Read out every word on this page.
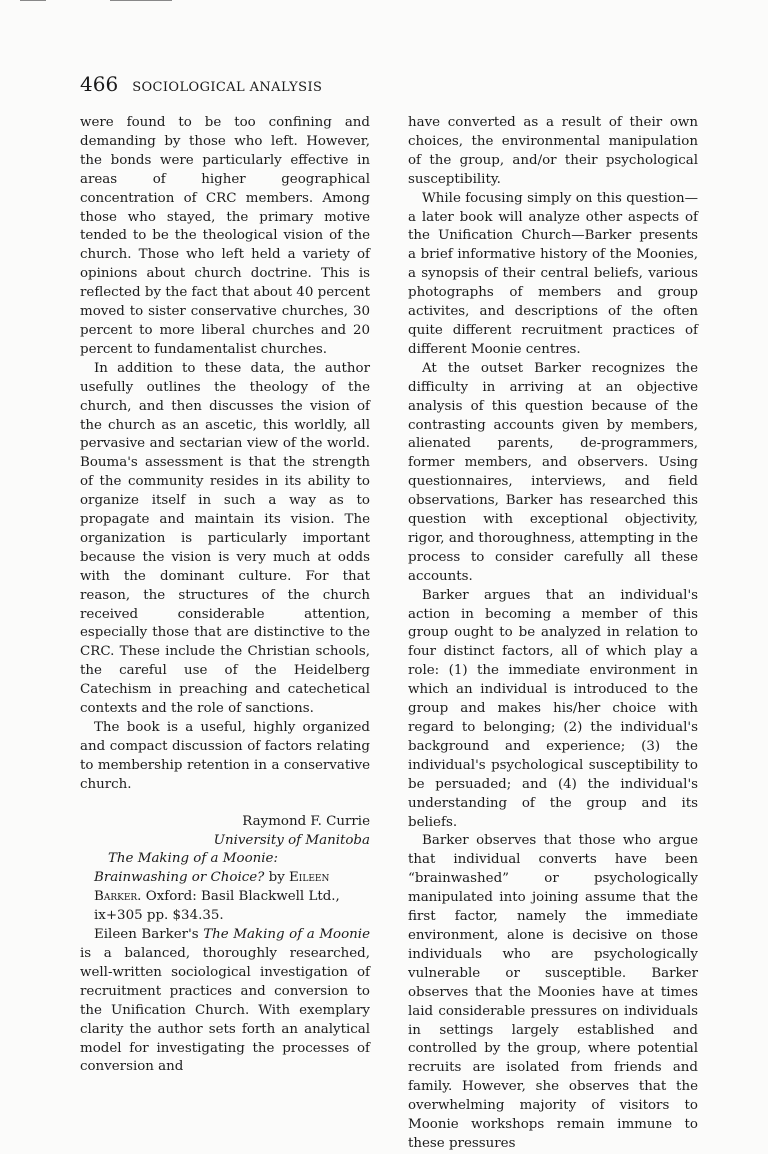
466 SOCIOLOGICAL ANALYSIS

were found to be too confining and demanding by those who left. However, the bonds were particularly effective in areas of higher geographical concentration of CRC members. Among those who stayed, the primary motive tended to be the theological vision of the church. Those who left held a variety of opinions about church doctrine. This is reflected by the fact that about 40 percent moved to sister conservative churches, 30 percent to more liberal churches and 20 percent to fundamentalist churches.

In addition to these data, the author usefully outlines the theology of the church, and then discusses the vision of the church as an ascetic, this worldly, all pervasive and sectarian view of the world. Bouma's assessment is that the strength of the community resides in its ability to organize itself in such a way as to propagate and maintain its vision. The organization is particularly important because the vision is very much at odds with the dominant culture. For that reason, the structures of the church received considerable attention, especially those that are distinctive to the CRC. These include the Christian schools, the careful use of the Heidelberg Catechism in preaching and catechetical contexts and the role of sanctions.

The book is a useful, highly organized and compact discussion of factors relating to membership retention in a conservative church.

Raymond F. Currie
University of Manitoba

The Making of a Moonie: Brainwashing or Choice? by Eileen Barker. Oxford: Basil Blackwell Ltd., ix+305 pp. $34.35.

Eileen Barker's The Making of a Moonie is a balanced, thoroughly researched, well-written sociological investigation of recruitment practices and conversion to the Unification Church. With exemplary clarity the author sets forth an analytical model for investigating the processes of conversion and

have converted as a result of their own choices, the environmental manipulation of the group, and/or their psychological susceptibility.

While focusing simply on this question—a later book will analyze other aspects of the Unification Church—Barker presents a brief informative history of the Moonies, a synopsis of their central beliefs, various photographs of members and group activites, and descriptions of the often quite different recruitment practices of different Moonie centres.

At the outset Barker recognizes the difficulty in arriving at an objective analysis of this question because of the contrasting accounts given by members, alienated parents, de-programmers, former members, and observers. Using questionnaires, interviews, and field observations, Barker has researched this question with exceptional objectivity, rigor, and thoroughness, attempting in the process to consider carefully all these accounts.

Barker argues that an individual's action in becoming a member of this group ought to be analyzed in relation to four distinct factors, all of which play a role: (1) the immediate environment in which an individual is introduced to the group and makes his/her choice with regard to belonging; (2) the individual's background and experience; (3) the individual's psychological susceptibility to be persuaded; and (4) the individual's understanding of the group and its beliefs.

Barker observes that those who argue that individual converts have been “brainwashed” or psychologically manipulated into joining assume that the first factor, namely the immediate environment, alone is decisive on those individuals who are psychologically vulnerable or susceptible. Barker observes that the Moonies have at times laid considerable pressures on individuals in settings largely established and controlled by the group, where potential recruits are isolated from friends and family. However, she observes that the overwhelming majority of visitors to Moonie workshops remain immune to these pressures
